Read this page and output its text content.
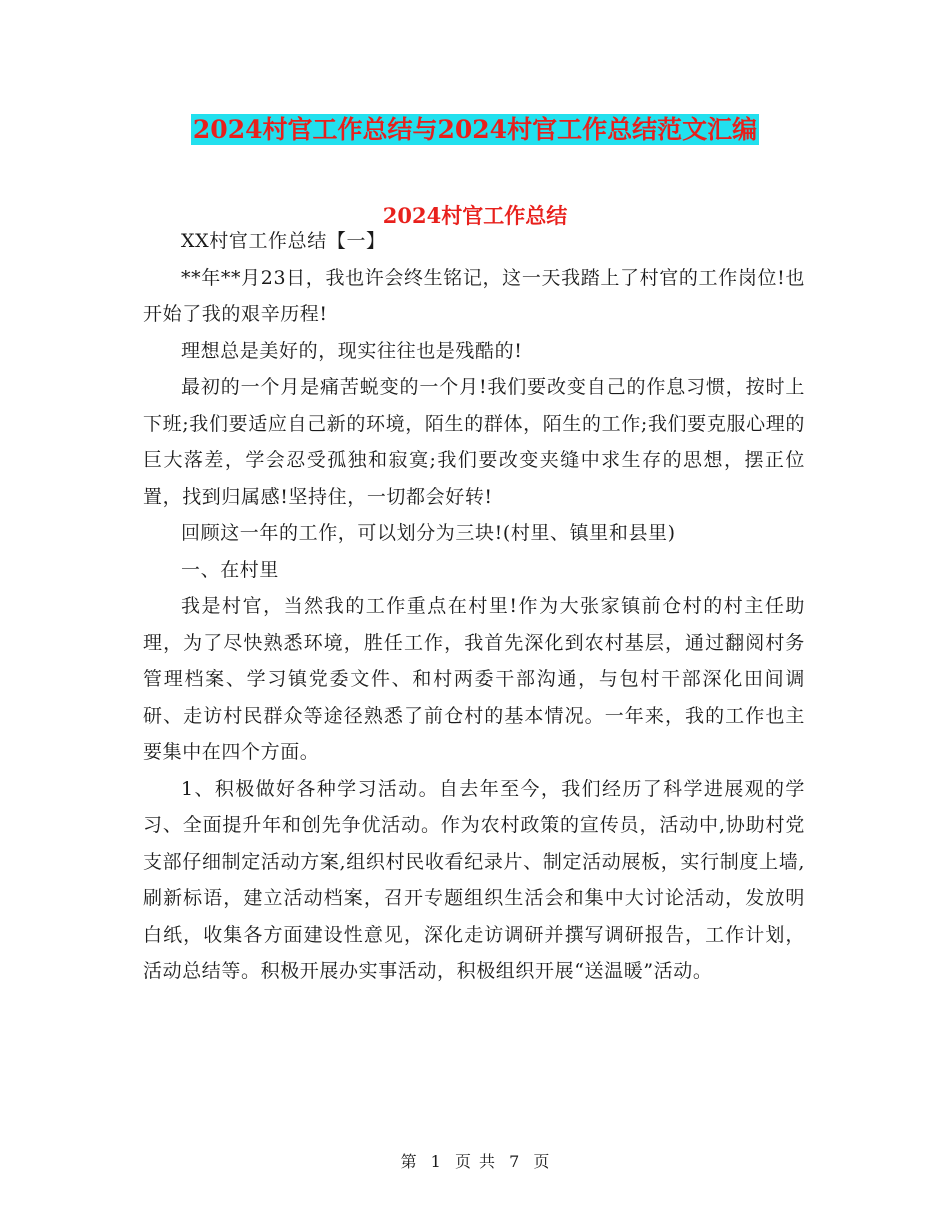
2024村官工作总结与2024村官工作总结范文汇编
2024村官工作总结

XX村官工作总结【一】

**年**月23日，我也许会终生铭记，这一天我踏上了村官的工作岗位!也开始了我的艰辛历程!

理想总是美好的，现实往往也是残酷的!

最初的一个月是痛苦蜕变的一个月!我们要改变自己的作息习惯，按时上下班;我们要适应自己新的环境，陌生的群体，陌生的工作;我们要克服心理的巨大落差，学会忍受孤独和寂寞;我们要改变夹缝中求生存的思想，摆正位置，找到归属感!坚持住，一切都会好转!

回顾这一年的工作，可以划分为三块!(村里、镇里和县里)

一、在村里

我是村官，当然我的工作重点在村里!作为大张家镇前仓村的村主任助理，为了尽快熟悉环境，胜任工作，我首先深化到农村基层，通过翻阅村务管理档案、学习镇党委文件、和村两委干部沟通，与包村干部深化田间调研、走访村民群众等途径熟悉了前仓村的基本情况。一年来，我的工作也主要集中在四个方面。

1、积极做好各种学习活动。自去年至今，我们经历了科学进展观的学习、全面提升年和创先争优活动。作为农村政策的宣传员，活动中,协助村党支部仔细制定活动方案,组织村民收看纪录片、制定活动展板，实行制度上墙,刷新标语，建立活动档案，召开专题组织生活会和集中大讨论活动，发放明白纸，收集各方面建设性意见，深化走访调研并撰写调研报告，工作计划，活动总结等。积极开展办实事活动，积极组织开展“送温暖”活动。

第 1 页 共 7 页
